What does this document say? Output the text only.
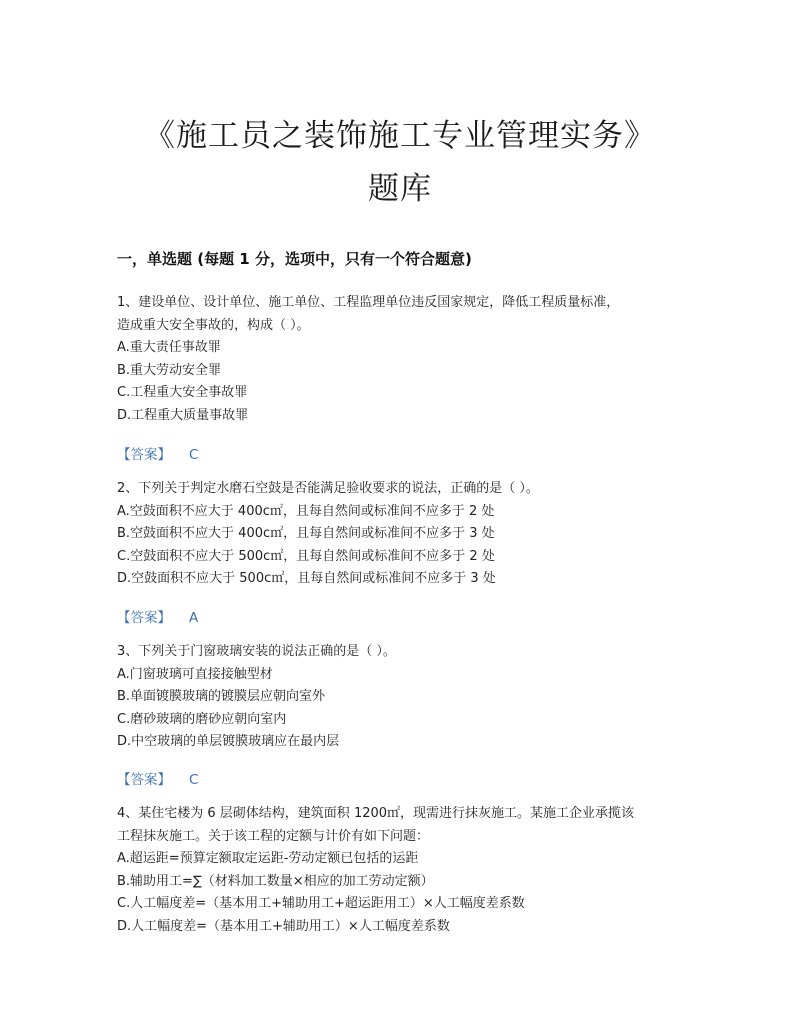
《施工员之装饰施工专业管理实务》
题库
一，单选题 (每题 1 分，选项中，只有一个符合题意)
1、建设单位、设计单位、施工单位、工程监理单位违反国家规定，降低工程质量标准，
造成重大安全事故的，构成（ ）。
A.重大责任事故罪
B.重大劳动安全罪
C.工程重大安全事故罪
D.工程重大质量事故罪
【答案】 C
2、下列关于判定水磨石空鼓是否能满足验收要求的说法，正确的是（ ）。
A.空鼓面积不应大于 400c㎡，且每自然间或标准间不应多于 2 处
B.空鼓面积不应大于 400c㎡，且每自然间或标准间不应多于 3 处
C.空鼓面积不应大于 500c㎡，且每自然间或标准间不应多于 2 处
D.空鼓面积不应大于 500c㎡，且每自然间或标准间不应多于 3 处
【答案】 A
3、下列关于门窗玻璃安装的说法正确的是（ ）。
A.门窗玻璃可直接接触型材
B.单面镀膜玻璃的镀膜层应朝向室外
C.磨砂玻璃的磨砂应朝向室内
D.中空玻璃的单层镀膜玻璃应在最内层
【答案】 C
4、某住宅楼为 6 层砌体结构，建筑面积 1200㎡，现需进行抹灰施工。某施工企业承揽该
工程抹灰施工。关于该工程的定额与计价有如下问题：
A.超运距=预算定额取定运距-劳动定额已包括的运距
B.辅助用工=∑（材料加工数量×相应的加工劳动定额）
C.人工幅度差=（基本用工+辅助用工+超运距用工）×人工幅度差系数
D.人工幅度差=（基本用工+辅助用工）×人工幅度差系数
